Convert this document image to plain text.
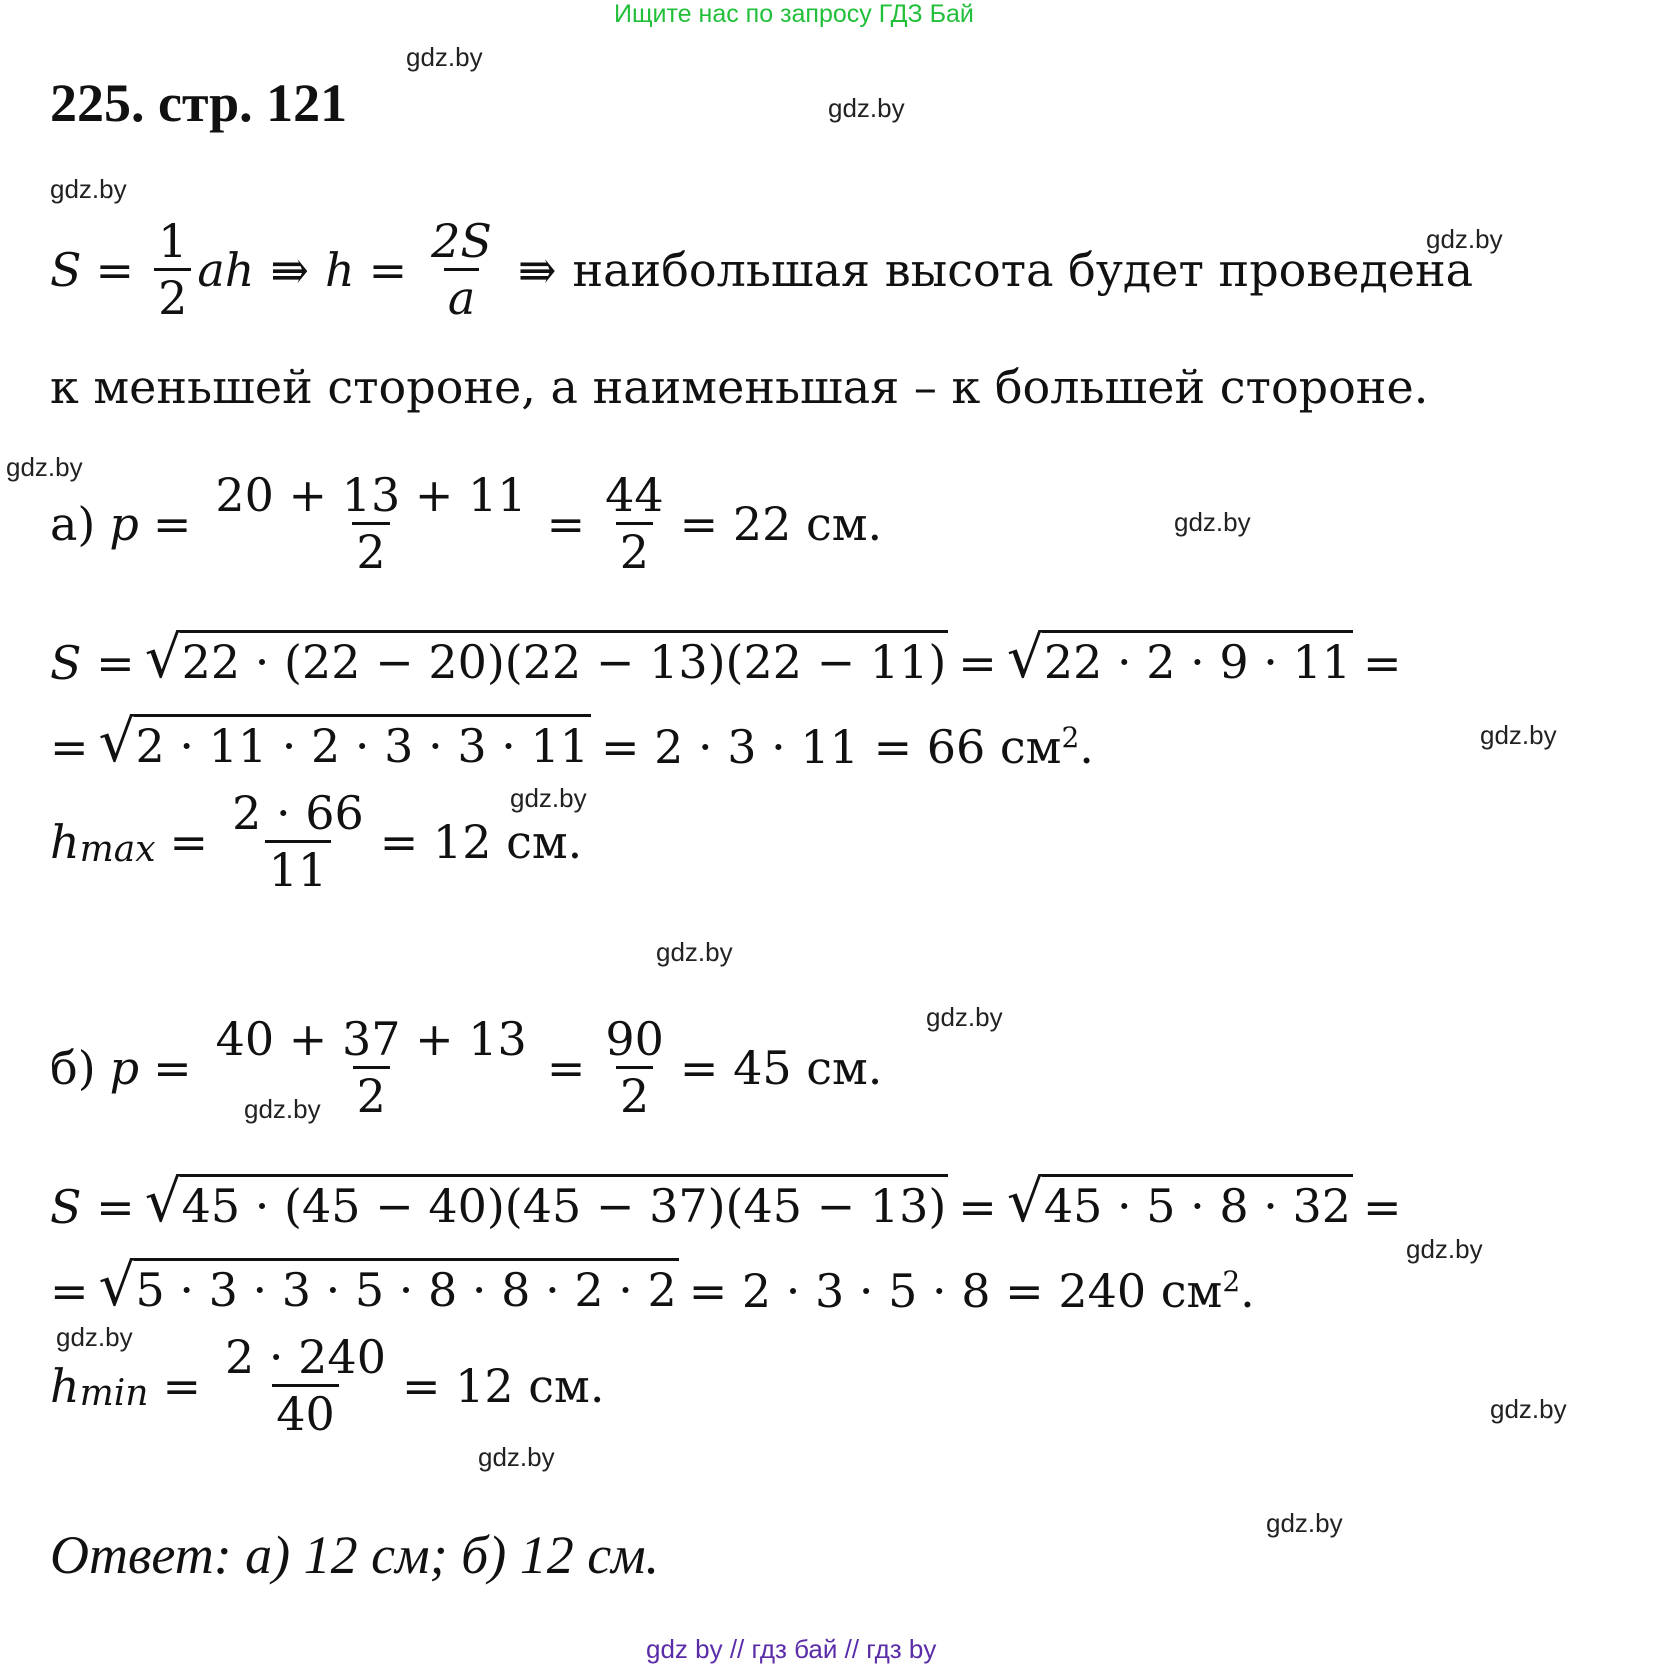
Ищите нас по запросу ГДЗ Бай
225. стр. 121
gdz.by
gdz.by
gdz.by
gdz.by
gdz.by
gdz.by
gdz.by
gdz.by
gdz.by
gdz.by
gdz.by
gdz.by
gdz.by
gdz.by
gdz.by
gdz.by
$S = \frac{1}{2}$ ah ⇛ $h = \frac{2S}{a}$ ⇛ наибольшая высота будет проведена
к меньшей стороне, а наименьшая – к большей стороне.
а) $p = \frac{20 + 13 + 11}{2} = \frac{44}{2} = 22$ см.
S = √ 22 · (22 − 20)(22 − 13)(22 − 11) = √ 22 · 2 · 9 · 11 =
= √ 2 · 11 · 2 · 3 · 3 · 11 = 2 · 3 · 11 = 66 $см^2$ .
$h_{max} = \frac{2 \cdot 66}{11} = 12$ см.
б) $p = \frac{40 + 37 + 13}{2} = \frac{90}{2} = 45$ см.
S = √ 45 · (45 − 40)(45 − 37)(45 − 13) = √ 45 · 5 · 8 · 32 =
= √ 5 · 3 · 3 · 5 · 8 · 8 · 2 · 2 = 2 · 3 · 5 · 8 = 240 $см^2$ .
$h_{min} = \frac{2 \cdot 240}{40} = 12$ см.
Ответ: а) 12 см; б) 12 см.
gdz by // гдз бай // гдз by
